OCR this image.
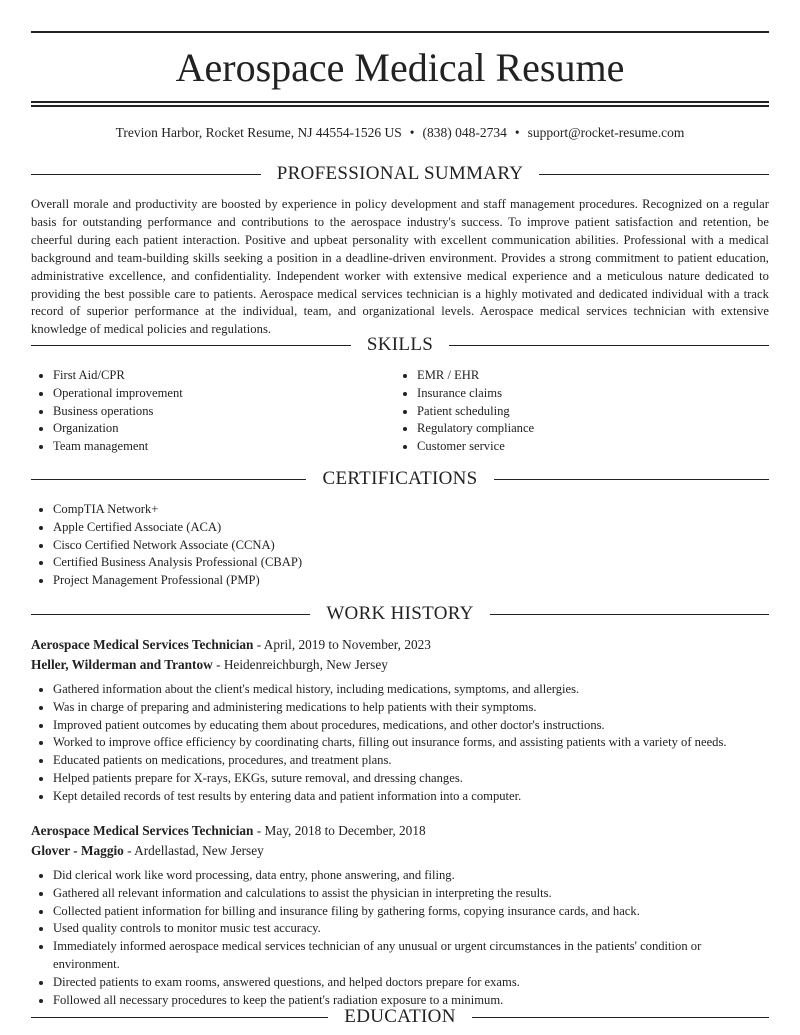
Aerospace Medical Resume
Trevion Harbor, Rocket Resume, NJ 44554-1526 US • (838) 048-2734 • support@rocket-resume.com
PROFESSIONAL SUMMARY
Overall morale and productivity are boosted by experience in policy development and staff management procedures. Recognized on a regular basis for outstanding performance and contributions to the aerospace industry's success. To improve patient satisfaction and retention, be cheerful during each patient interaction. Positive and upbeat personality with excellent communication abilities. Professional with a medical background and team-building skills seeking a position in a deadline-driven environment. Provides a strong commitment to patient education, administrative excellence, and confidentiality. Independent worker with extensive medical experience and a meticulous nature dedicated to providing the best possible care to patients. Aerospace medical services technician is a highly motivated and dedicated individual with a track record of superior performance at the individual, team, and organizational levels. Aerospace medical services technician with extensive knowledge of medical policies and regulations.
SKILLS
• First Aid/CPR
• Operational improvement
• Business operations
• Organization
• Team management
• EMR / EHR
• Insurance claims
• Patient scheduling
• Regulatory compliance
• Customer service
CERTIFICATIONS
• CompTIA Network+
• Apple Certified Associate (ACA)
• Cisco Certified Network Associate (CCNA)
• Certified Business Analysis Professional (CBAP)
• Project Management Professional (PMP)
WORK HISTORY
Aerospace Medical Services Technician - April, 2019 to November, 2023
Heller, Wilderman and Trantow - Heidenreichburgh, New Jersey
• Gathered information about the client's medical history, including medications, symptoms, and allergies.
• Was in charge of preparing and administering medications to help patients with their symptoms.
• Improved patient outcomes by educating them about procedures, medications, and other doctor's instructions.
• Worked to improve office efficiency by coordinating charts, filling out insurance forms, and assisting patients with a variety of needs.
• Educated patients on medications, procedures, and treatment plans.
• Helped patients prepare for X-rays, EKGs, suture removal, and dressing changes.
• Kept detailed records of test results by entering data and patient information into a computer.
Aerospace Medical Services Technician - May, 2018 to December, 2018
Glover - Maggio - Ardellastad, New Jersey
• Did clerical work like word processing, data entry, phone answering, and filing.
• Gathered all relevant information and calculations to assist the physician in interpreting the results.
• Collected patient information for billing and insurance filing by gathering forms, copying insurance cards, and hack.
• Used quality controls to monitor music test accuracy.
• Immediately informed aerospace medical services technician of any unusual or urgent circumstances in the patients' condition or environment.
• Directed patients to exam rooms, answered questions, and helped doctors prepare for exams.
• Followed all necessary procedures to keep the patient's radiation exposure to a minimum.
EDUCATION
